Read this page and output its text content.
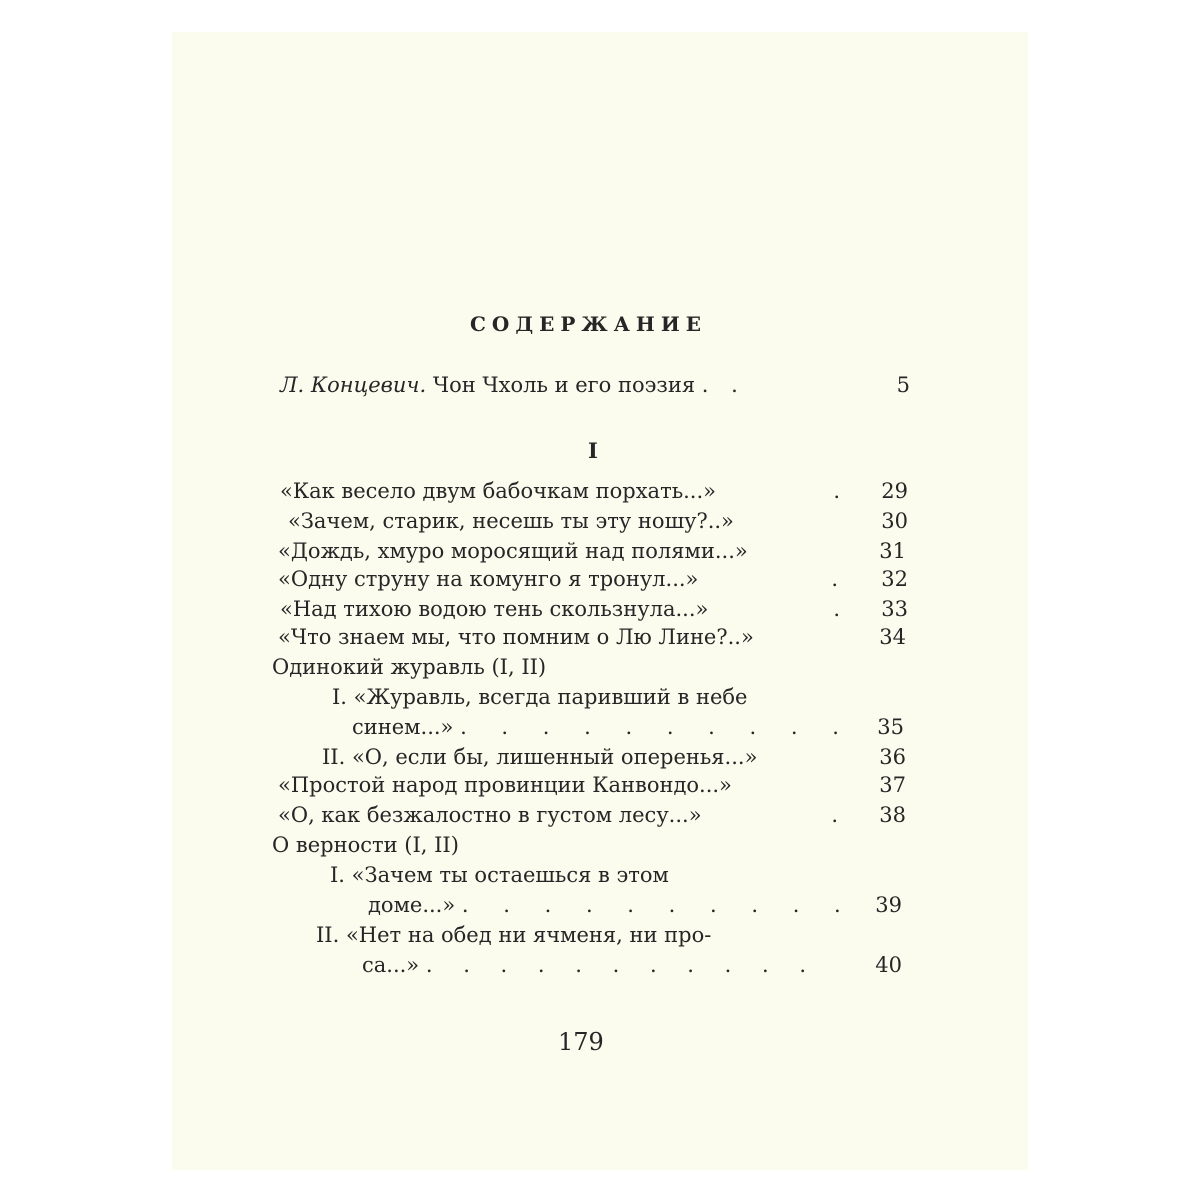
СОДЕРЖАНИЕ
Л. Концевич. Чон Чхоль и его поэзия . .	5
I
«Как весело двум бабочкам порхать...»	.	29
«Зачем, старик, несешь ты эту ношу?..»	30
«Дождь, хмуро моросящий над полями...»	31
«Одну струну на комунго я тронул...»	.	32
«Над тихою водою тень скользнула...»	.	33
«Что знаем мы, что помним о Лю Лине?..»	34
Одинокий журавль (I, II)
I. «Журавль, всегда паривший в небе
синем...» . . . . . . . . . .	35
II. «О, если бы, лишенный оперенья...»	36
«Простой народ провинции Канвондо...»	37
«О, как безжалостно в густом лесу...»	.	38
О верности (I, II)
I. «Зачем ты остаешься в этом
доме...» . . . . . . . . . . 39
II. «Нет на обед ни ячменя, ни про-
са...» . . . . . . . . . . .	40
179
